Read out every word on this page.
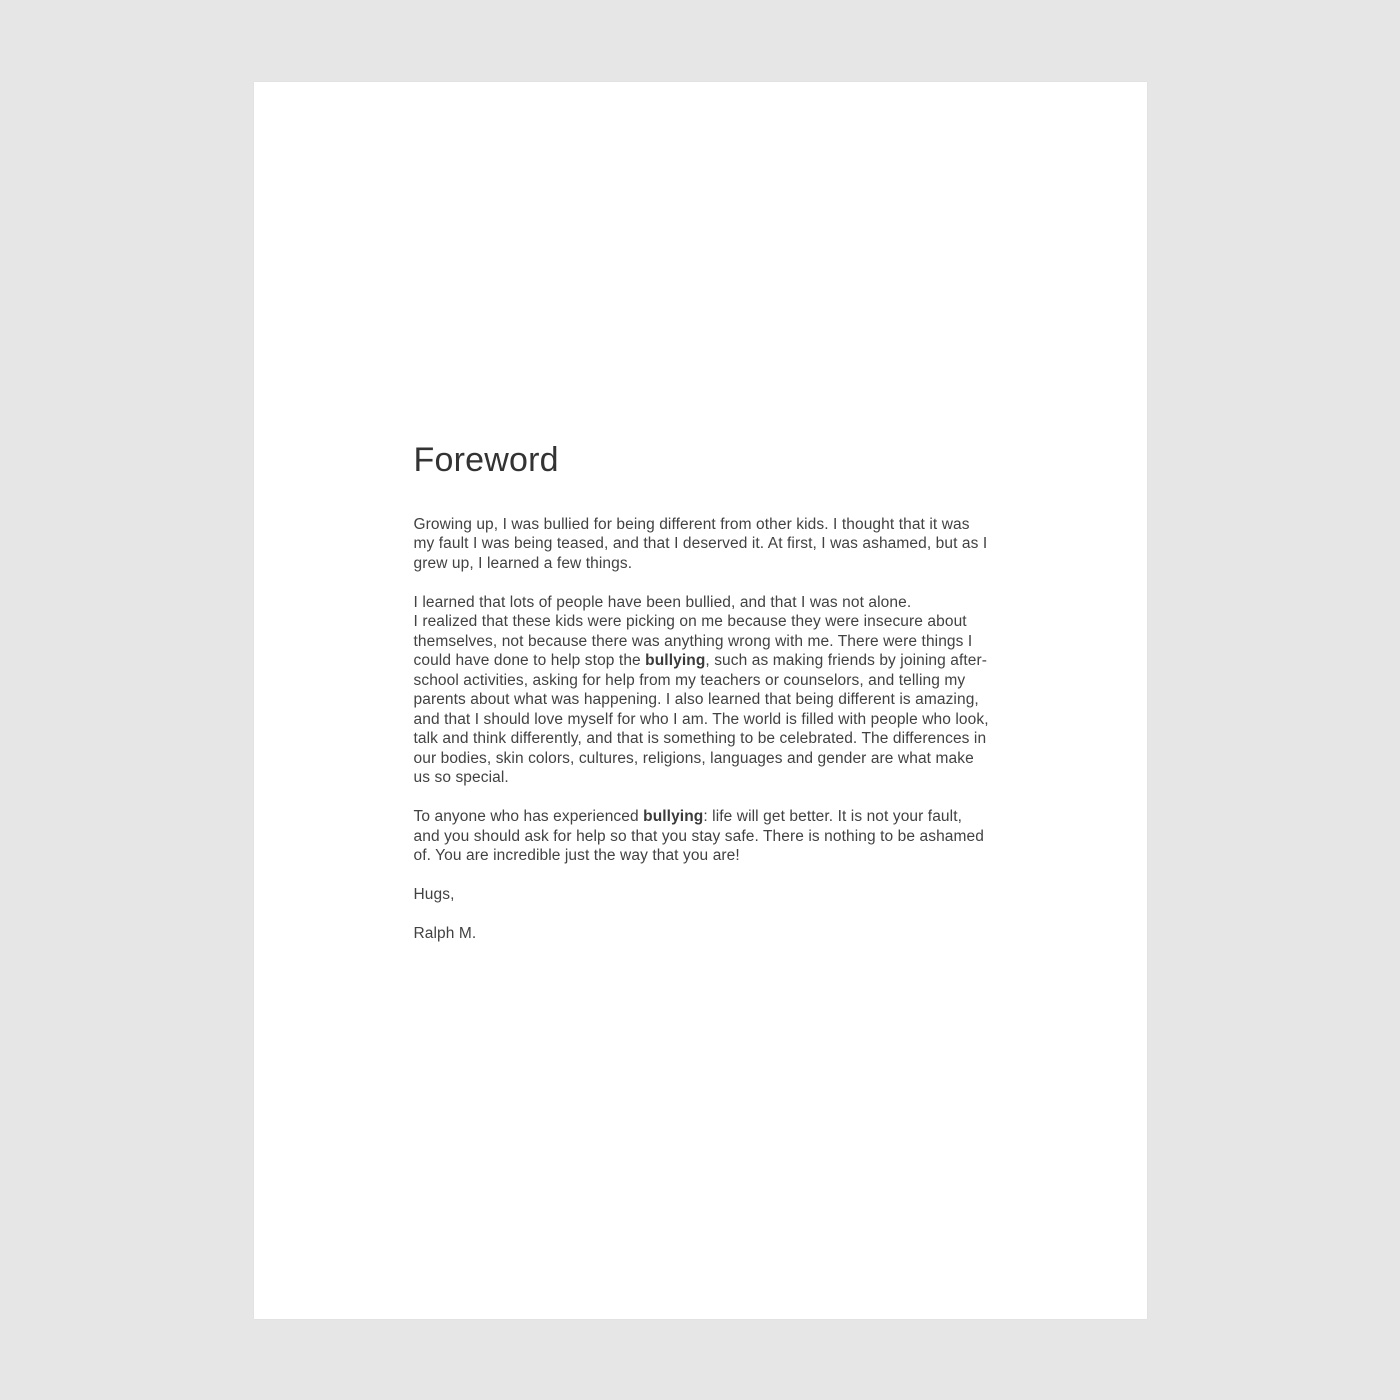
Foreword

Growing up, I was bullied for being different from other kids. I thought that it was my fault I was being teased, and that I deserved it. At first, I was ashamed, but as I grew up, I learned a few things.

I learned that lots of people have been bullied, and that I was not alone.
I realized that these kids were picking on me because they were insecure about themselves, not because there was anything wrong with me. There were things I could have done to help stop the bullying, such as making friends by joining after-school activities, asking for help from my teachers or counselors, and telling my parents about what was happening. I also learned that being different is amazing, and that I should love myself for who I am. The world is filled with people who look, talk and think differently, and that is something to be celebrated. The differences in our bodies, skin colors, cultures, religions, languages and gender are what make us so special.

To anyone who has experienced bullying: life will get better. It is not your fault, and you should ask for help so that you stay safe. There is nothing to be ashamed of. You are incredible just the way that you are!

Hugs,

Ralph M.
